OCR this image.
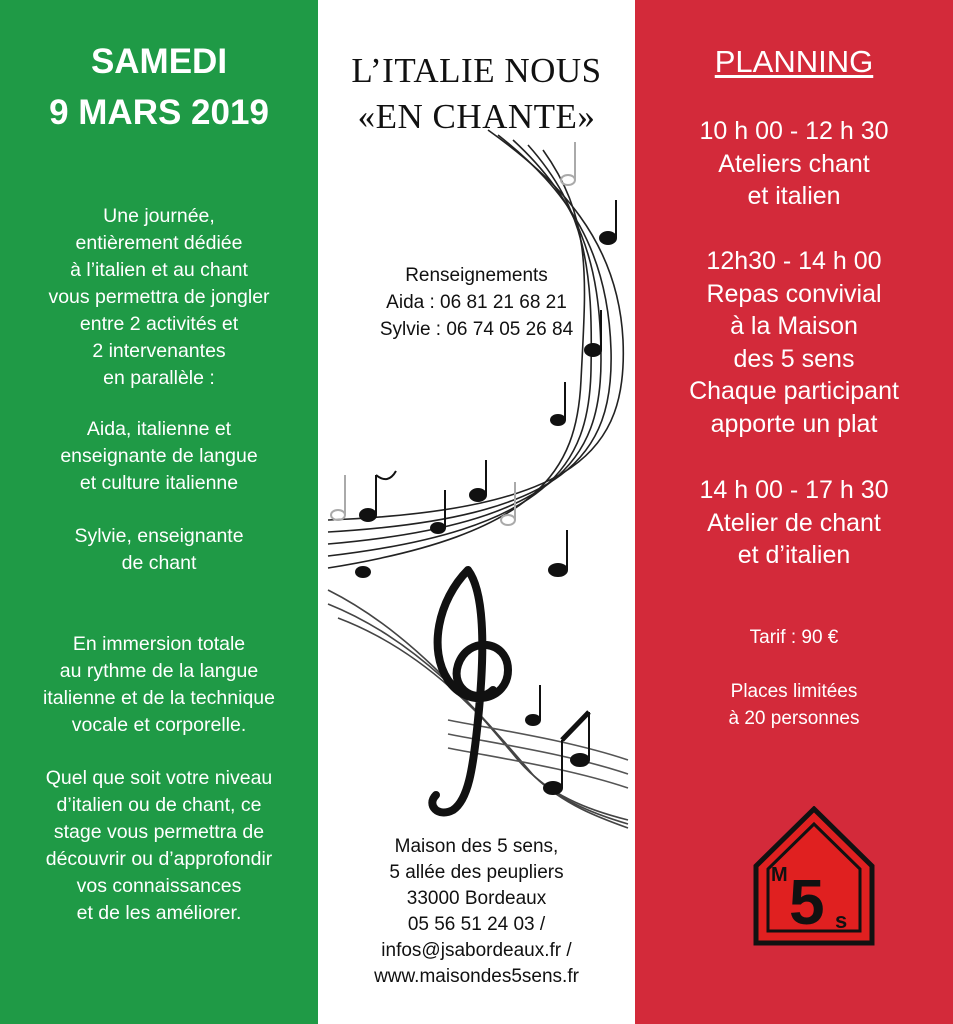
SAMEDI
9 MARS 2019
Une journée,
entièrement dédiée
à l’italien et au chant
vous permettra de jongler
entre 2 activités et
2 intervenantes
en parallèle :
Aida, italienne et
enseignante de langue
et culture italienne
Sylvie, enseignante
de chant
En immersion totale
au rythme de la langue
italienne et de la technique
vocale et corporelle.
Quel que soit votre niveau
d’italien ou de chant, ce
stage vous permettra de
découvrir ou d’approfondir
vos connaissances
et de les améliorer.
L’ITALIE NOUS
«EN CHANTE»
Renseignements
Aida : 06 81 21 68 21
Sylvie : 06 74 05 26 84
Maison des 5 sens,
5 allée des peupliers
33000 Bordeaux
05 56 51 24 03 /
infos@jsabordeaux.fr /
www.maisondes5sens.fr
PLANNING
10 h 00 - 12 h 30
Ateliers chant
et italien
12h30 - 14 h 00
Repas convivial
à la Maison
des 5 sens
Chaque participant
apporte un plat
14 h 00 - 17 h 30
Atelier de chant
et d’italien
Tarif : 90 €
Places limitées
à 20 personnes
M 5 s
